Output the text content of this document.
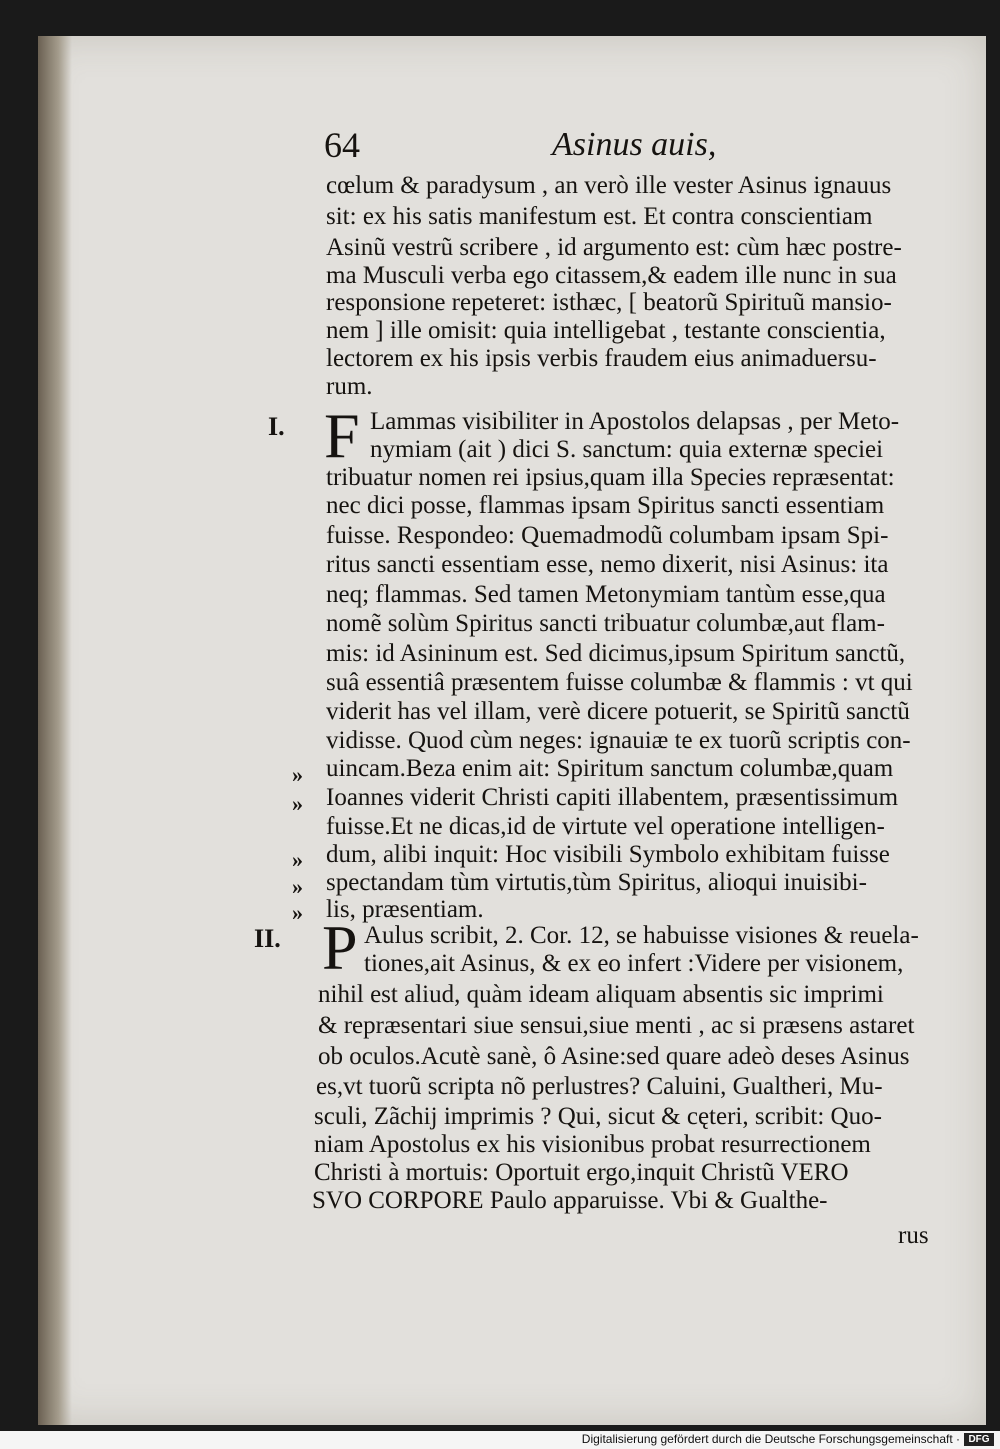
64	Asinus auis,
cœlum & paradysum , an verò ille vester Asinus ignauus
sit: ex his satis manifestum est. Et contra conscientiam
Asinũ vestrũ scribere , id argumento est: cùm hæc postre-
ma Musculi verba ego citassem,& eadem ille nunc in sua
responsione repeteret: isthæc, [ beatorũ Spirituũ mansio-
nem ] ille omisit: quia intelligebat , testante conscientia,
lectorem ex his ipsis verbis fraudem eius animaduersu-
rum.
I. F Lammas visibiliter in Apostolos delapsas , per Meto-
nymiam (ait ) dici S. sanctum: quia externæ speciei
tribuatur nomen rei ipsius,quam illa Species repræsentat:
nec dici posse, flammas ipsam Spiritus sancti essentiam
fuisse. Respondeo: Quemadmodũ columbam ipsam Spi-
ritus sancti essentiam esse, nemo dixerit, nisi Asinus: ita
neq; flammas. Sed tamen Metonymiam tantùm esse,qua
nomẽ solùm Spiritus sancti tribuatur columbæ,aut flam-
mis: id Asininum est. Sed dicimus,ipsum Spiritum sanctũ,
suâ essentiâ præsentem fuisse columbæ & flammis : vt qui
viderit has vel illam, verè dicere potuerit, se Spiritũ sanctũ
vidisse. Quod cùm neges: ignauiæ te ex tuorũ scriptis con-
uincam.Beza enim ait: Spiritum sanctum columbæ,quam
Ioannes viderit Christi capiti illabentem, præsentissimum
fuisse.Et ne dicas,id de virtute vel operatione intelligen-
dum, alibi inquit: Hoc visibili Symbolo exhibitam fuisse
spectandam tùm virtutis,tùm Spiritus, alioqui inuisibi-
lis, præsentiam.
»
»
»
»
»
II. P Aulus scribit, 2. Cor. 12, se habuisse visiones & reuela-
tiones,ait Asinus, & ex eo infert :Videre per visionem,
nihil est aliud, quàm ideam aliquam absentis sic imprimi
& repræsentari siue sensui,siue menti , ac si præsens astaret
ob oculos.Acutè sanè, ô Asine:sed quare adeò deses Asinus
es,vt tuorũ scripta nõ perlustres? Caluini, Gualtheri, Mu-
sculi, Zãchij imprimis ? Qui, sicut & cęteri, scribit: Quo-
niam Apostolus ex his visionibus probat resurrectionem
Christi à mortuis: Oportuit ergo,inquit Christũ VERO
SVO CORPORE Paulo apparuisse. Vbi & Gualthe-
rus
Digitalisierung gefördert durch die Deutsche Forschungsgemeinschaft · DFG
